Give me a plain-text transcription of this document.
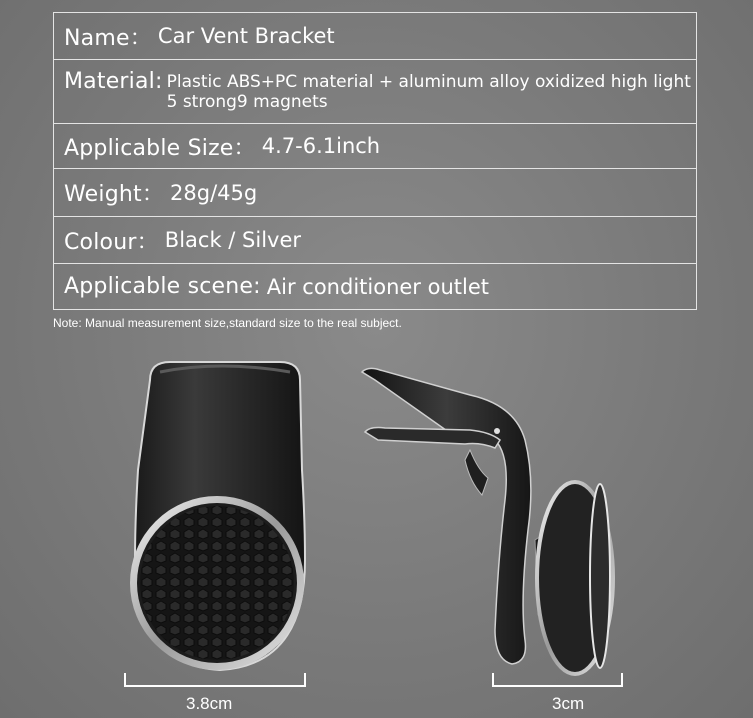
Name： Car Vent Bracket
Material: Plastic ABS+PC material + aluminum alloy oxidized high light
5 strong9 magnets
Applicable Size： 4.7-6.1inch
Weight： 28g/45g
Colour： Black / Silver
Applicable scene: Air conditioner outlet
Note: Manual measurement size,standard size to the real subject.
3.8cm	3cm
